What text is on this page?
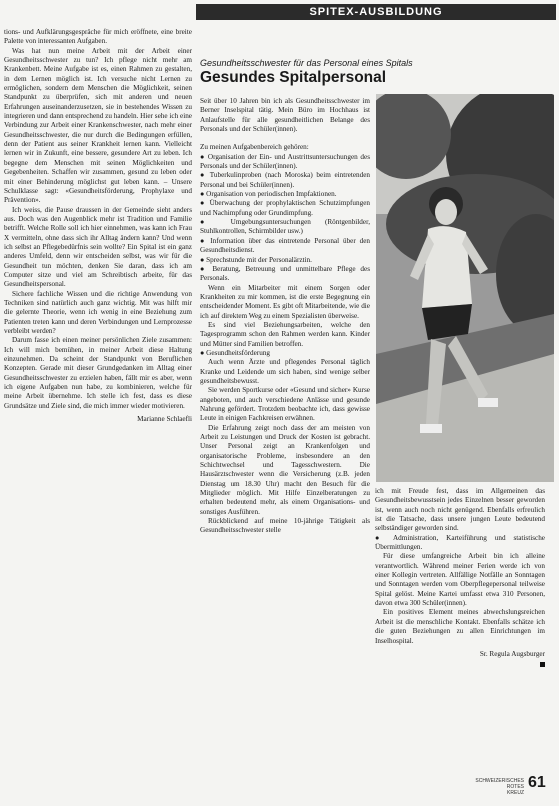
SPITEX-AUSBILDUNG

tions- und Aufklärungsgespräche für mich eröffnete, eine breite Palette von interessanten Aufgaben.

Was hat nun meine Arbeit mit der Arbeit einer Gesundheitsschwester zu tun? Ich pflege nicht mehr am Krankenbett. Meine Aufgabe ist es, einen Rahmen zu gestalten, in dem Lernen möglich ist. Ich versuche nicht Lernen zu ermöglichen, sondern dem Menschen die Möglichkeit, seinen Standpunkt zu überprüfen, sich mit anderen und neuen Erfahrungen auseinanderzusetzen, sie in bestehendes Wissen zu integrieren und dann entsprechend zu handeln. Hier sehe ich eine Verbindung zur Arbeit einer Krankenschwester, nach mehr einer Gesundheitsschwester, die nur durch die Bedingungen erfüllen, denn der Patient aus seiner Krankheit lernen kann. Vielleicht lernen wir in Zukunft, eine bessere, gesundere Art zu leben. Ich begegne dem Menschen mit seinen Möglichkeiten und Gegebenheiten. Schaffen wir zusammen, gesund zu leben oder mit einer Behinderung möglichst gut leben kann. – Unsere Schulklasse sagt: «Gesundheitsförderung, Prophylaxe und Prävention».

Ich weiss, die Pause draussen in der Gemeinde sieht anders aus. Doch was den Augenblick mehr ist Tradition und Familie betrifft. Welche Rolle soll ich hier einnehmen, was kann ich Frau X vermitteln, ohne dass sich ihr Alltag ändern kann? Und wenn ich selbst an Pflegebedürfnis sein wollte? Ein Spital ist ein ganz anderes Umfeld, denn wir entscheiden selbst, was wir für die Gesundheit tun möchten, denken Sie daran, dass ich am Computer sitze und viel am Schreibtisch arbeite, für das Gesundheitspersonal.

Sichere fachliche Wissen und die richtige Anwendung von Techniken sind natürlich auch ganz wichtig. Mit was hilft mir die gelernte Theorie, wenn ich wenig in eine Beziehung zum Patienten treten kann und deren Verbindungen und Lernprozesse verbleibt werden?

Darum fasse ich einen meiner persönlichen Ziele zusammen: Ich will mich bemühen, in meiner Arbeit diese Haltung einzunehmen. Da scheint der Standpunkt von Beruflichen Konzepten. Gerade mit dieser Grundgedanken im Alltag einer Gesundheitsschwester zu erzielen haben, fällt mir es aber, wenn ich eigene Aufgaben nun habe, zu kombinieren, welche für meine Arbeit übernehme. Ich stelle ich fest, dass es diese Grundsätze und Ziele sind, die mich immer wieder motivieren.

Marianne Schlaefli
Gesundheitsschwester für das Personal eines Spitals
Gesundes Spitalpersonal

Seit über 10 Jahren bin ich als Gesundheitsschwester im Berner Inselspital tätig. Mein Büro im Hochhaus ist Anlaufstelle für alle gesundheitlichen Belange des Personals und der Schüler(innen).

Zu meinen Aufgabenbereich gehören:

● Organisation der Ein- und Austrittsuntersuchungen des Personals und der Schüler(innen).

● Tuberkulinproben (nach Moroska) beim eintretenden Personal und bei Schüler(innen).

● Organisation von periodischen Impfaktionen.

● Überwachung der prophylaktischen Schutzimpfungen und Nachimpfung oder Grundimpfung.

● Umgebungsuntersuchungen (Röntgenbilder, Stuhlkontrollen, Schirmbilder usw.)

● Information über das eintretende Personal über den Gesundheitsdienst.

● Sprechstunde mit der Personalärztin.

● Beratung, Betreuung und unmittelbare Pflege des Personals.

Wenn ein Mitarbeiter mit einem Sorgen oder Krankheiten zu mir kommen, ist die erste Begegnung ein entscheidender Moment. Es gibt oft Mitarbeitende, wie die ich auf direktem Weg zu einem Spezialisten überweise.

Es sind viel Beziehungsarbeiten, welche den Tagesprogramm schon den Rahmen werden kann. Kinder und Mütter sind Familien betroffen.

● Gesundheitsförderung

Auch wenn Ärzte und pflegendes Personal täglich Kranke und Leidende um sich haben, sind wenige selber gesundheitsbewusst.

Sie werden Sportkurse oder «Gesund und sicher» Kurse angeboten, und auch verschiedene Anlässe und gesunde Nahrung gefördert. Trotzdem beobachte ich, dass gewisse Leute in einigen Fachkreisen erwähnen.

Die Erfahrung zeigt noch dass der am meisten von Arbeit zu Leistungen und Druck der Kosten ist gebracht. Unser Personal zeigt an Krankenfolgen und organisatorische Probleme, insbesondere an den Schichtwechsel und Tagesschwestern. Die Hausärztschwester wenn die Versicherung (z.B. jeden Dienstag um 18.30 Uhr) macht den Besuch für die Mitglieder möglich. Mit Hilfe Einzelberatungen zu erhalten bedeutend mehr, als einem Organisations- und sonstiges Ausführen.

Rückblickend auf meine 10-jährige Tätigkeit als Gesundheitsschwester stelle

ich mit Freude fest, dass im Allgemeinen das Gesundheitsbewusstsein jedes Einzelnen besser geworden ist, wenn auch noch nicht genügend. Ebenfalls erfreulich ist die Tatsache, dass unsere jungen Leute bedeutend selbständiger geworden sind.

● Administration, Karteiführung und statistische Übermittlungen.

Für diese umfangreiche Arbeit bin ich alleine verantwortlich. Während meiner Ferien werde ich von einer Kollegin vertreten. Allfällige Notfälle an Sonntagen und Sonntagen werden vom Oberpflegepersonal teilweise Spital gelöst. Meine Kartei umfasst etwa 310 Personen, davon etwa 300 Schüler(innen).

Ein positives Element meines abwechslungsreichen Arbeit ist die menschliche Kontakt. Ebenfalls schätze ich die guten Beziehungen zu allen Einrichtungen im Inselhospital.

Sr. Regula Augsburger
SCHWEIZERISCHES ROTES
KREUZ
61
